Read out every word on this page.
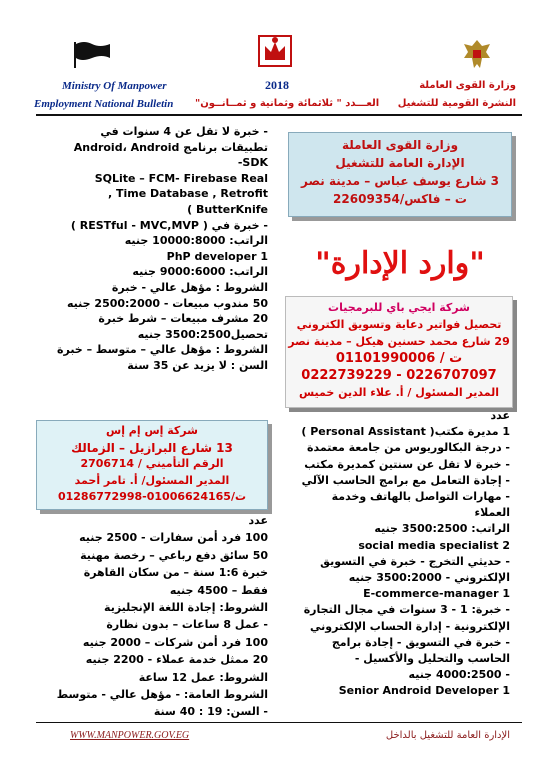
Ministry Of Manpower
Employment National Bulletin
2018
العـــدد " ثلاثمائة وثمانية و ثمــانــون"
وزارة القوى العاملة
النشرة القومية للتشغيل
وزارة القوى العاملة
الإدارة العامة للتشغيل
3 شارع يوسف عباس – مدينة نصر
ت – فاكس/22609354
"وارد الإدارة"
شركة ايجي باي للبرمجيات
تحصيل فواتير دعاية وتسويق الكتروني
29 شارع محمد حسنين هيكل – مدينة نصر
ت / 01101990006
0226707097 - 0222739229
المدير المسئول / أ. علاء الدين خميس
عدد
1 مديرة مكتب( Personal Assistant )
- درجة البكالوريوس من جامعة معتمدة
- خبرة لا تقل عن سنتين كمديرة مكتب
- إجادة التعامل مع برامج الحاسب الآلي
- مهارات التواصل بالهاتف وخدمة
العملاء
الراتب: 3500:2500 جنيه
2 social media specialist
- حديثي التخرج - خبرة في التسويق
الإلكتروني - 3500:2000 جنيه
1 E-commerce-manager
- خبرة: 1 - 3 سنوات في مجال التجارة
الإلكترونية - إدارة الحساب الإلكتروني
- خبرة في التسويق - إجادة برامج
الحاسب والتحليل والأكسيل -
- 4000:2500 جنيه
1 Senior Android Developer
- خبرة لا تقل عن 4 سنوات في
تطبيقات برنامج Android، Android
SDK-
SQLite – FCM- Firebase Real
Time Database , Retrofit ,
ButterKnife )
- خبرة في ( RESTful - MVC,MVP )
الراتب: 10000:8000 جنيه
1 PhP developer
الراتب: 9000:6000 جنيه
الشروط : مؤهل عالي - خبرة
50 مندوب مبيعات - 2500:2000 جنيه
20 مشرف مبيعات – شرط خبرة
تحصيل3500:2500 جنيه
الشروط : مؤهل عالي – متوسط – خبرة
السن : لا يزيد عن 35 سنة
شركة إس إم إس
13 شارع البرازيل – الزمالك
الرقم التأميني / 2706714
المدير المسئول/ أ. تامر أحمد
ت/01006624165-01286772998
عدد
100 فرد أمن سفارات - 2500 جنيه
50 سائق دفع رباعي – رخصة مهنية
خبرة 1:6 سنة – من سكان القاهرة
فقط – 4500 جنيه
الشروط: إجادة اللغة الإنجليزية
- عمل 8 ساعات – بدون نظارة
100 فرد أمن شركات – 2000 جنيه
20 ممثل خدمة عملاء - 2200 جنيه
الشروط: عمل 12 ساعة
الشروط العامة: - مؤهل عالي - متوسط
- السن: 19 : 40 سنة
WWW.MANPOWER.GOV.EG	الإدارة العامة للتشغيل بالداخل
